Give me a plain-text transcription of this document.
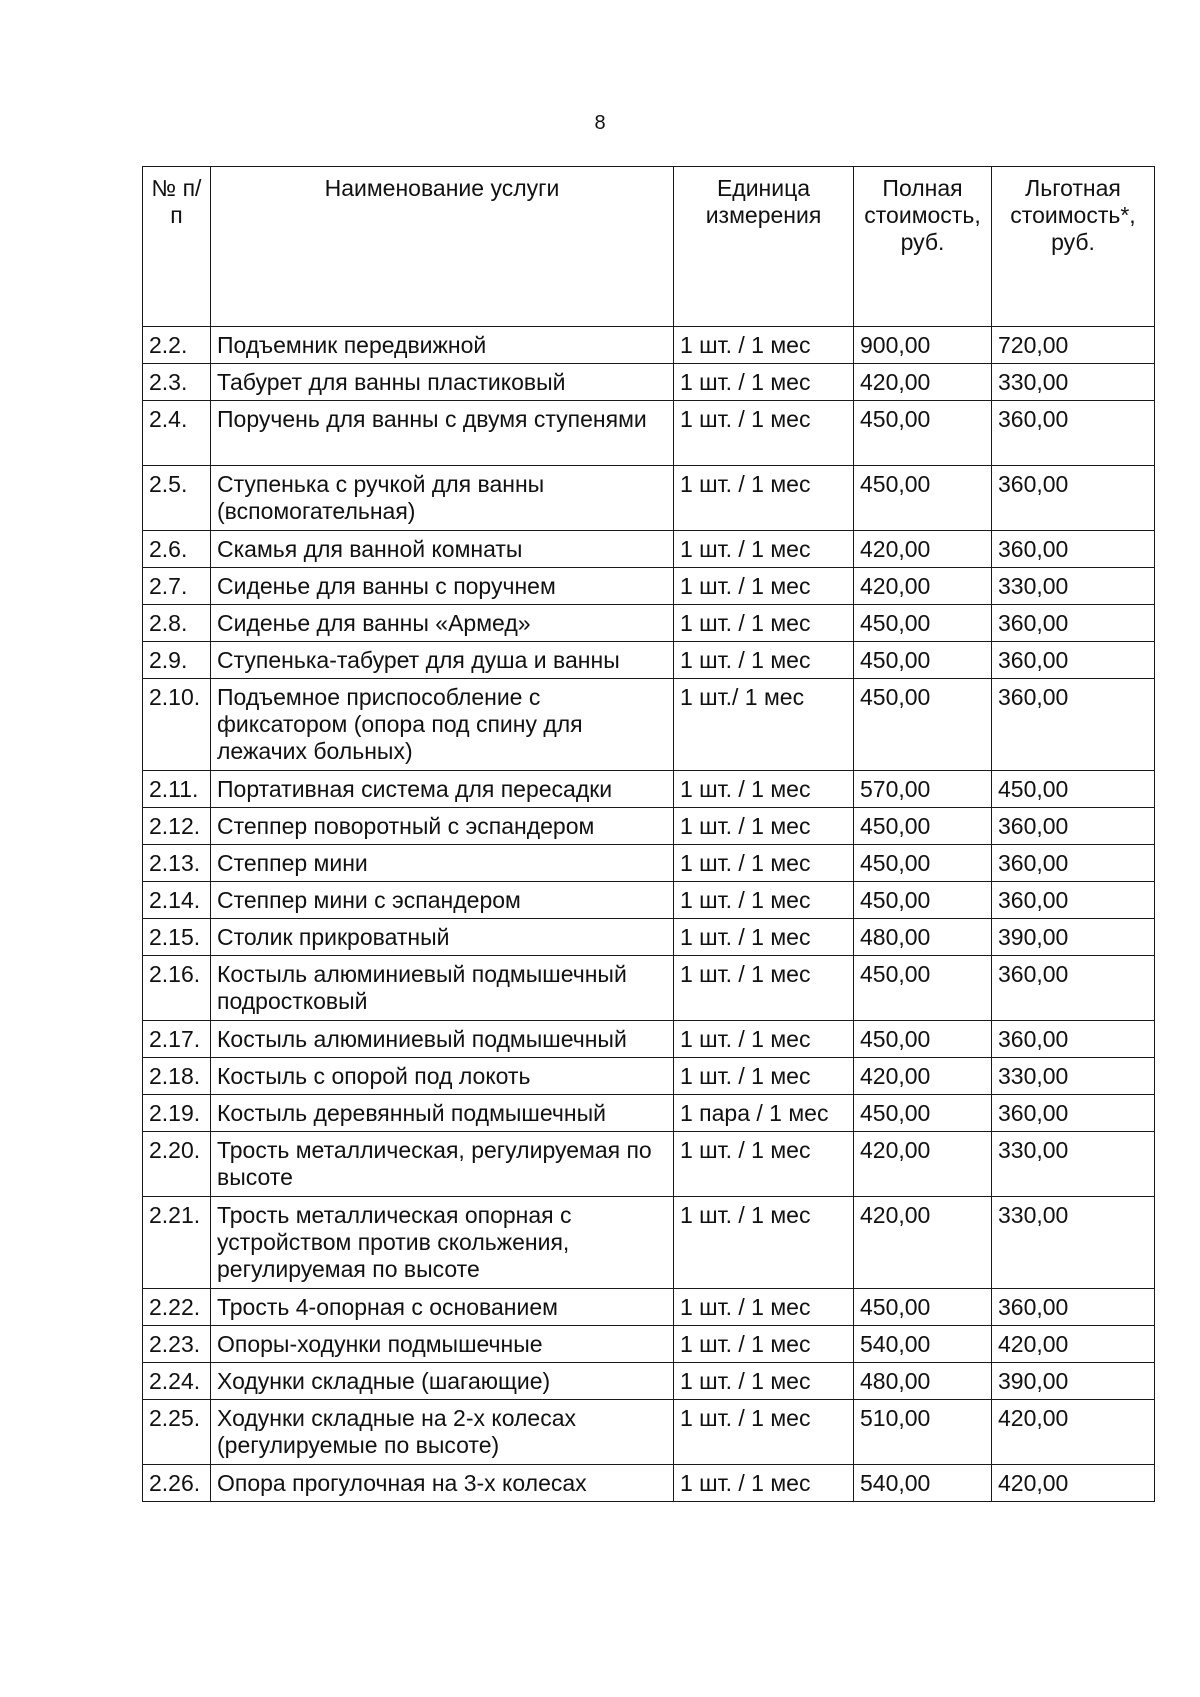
8
№ п/п	Наименование услуги	Единица измерения	Полная стоимость, руб.	Льготная стоимость*, руб.
2.2.	Подъемник передвижной	1 шт. / 1 мес	900,00	720,00
2.3.	Табурет для ванны пластиковый	1 шт. / 1 мес	420,00	330,00
2.4.	Поручень для ванны с двумя ступенями	1 шт. / 1 мес	450,00	360,00
2.5.	Ступенька с ручкой для ванны (вспомогательная)	1 шт. / 1 мес	450,00	360,00
2.6.	Скамья для ванной комнаты	1 шт. / 1 мес	420,00	360,00
2.7.	Сиденье для ванны с поручнем	1 шт. / 1 мес	420,00	330,00
2.8.	Сиденье для ванны «Армед»	1 шт. / 1 мес	450,00	360,00
2.9.	Ступенька-табурет для душа и ванны	1 шт. / 1 мес	450,00	360,00
2.10.	Подъемное приспособление с фиксатором (опора под спину для лежачих больных)	1 шт./ 1 мес	450,00	360,00
2.11.	Портативная система для пересадки	1 шт. / 1 мес	570,00	450,00
2.12.	Степпер поворотный с эспандером	1 шт. / 1 мес	450,00	360,00
2.13.	Степпер мини	1 шт. / 1 мес	450,00	360,00
2.14.	Степпер мини с эспандером	1 шт. / 1 мес	450,00	360,00
2.15.	Столик прикроватный	1 шт. / 1 мес	480,00	390,00
2.16.	Костыль алюминиевый подмышечный подростковый	1 шт. / 1 мес	450,00	360,00
2.17.	Костыль алюминиевый подмышечный	1 шт. / 1 мес	450,00	360,00
2.18.	Костыль с опорой под локоть	1 шт. / 1 мес	420,00	330,00
2.19.	Костыль деревянный подмышечный	1 пара / 1 мес	450,00	360,00
2.20.	Трость металлическая, регулируемая по высоте	1 шт. / 1 мес	420,00	330,00
2.21.	Трость металлическая опорная с устройством против скольжения, регулируемая по высоте	1 шт. / 1 мес	420,00	330,00
2.22.	Трость 4-опорная с основанием	1 шт. / 1 мес	450,00	360,00
2.23.	Опоры-ходунки подмышечные	1 шт. / 1 мес	540,00	420,00
2.24.	Ходунки складные (шагающие)	1 шт. / 1 мес	480,00	390,00
2.25.	Ходунки складные на 2-х колесах (регулируемые по высоте)	1 шт. / 1 мес	510,00	420,00
2.26.	Опора прогулочная на 3-х колесах	1 шт. / 1 мес	540,00	420,00
